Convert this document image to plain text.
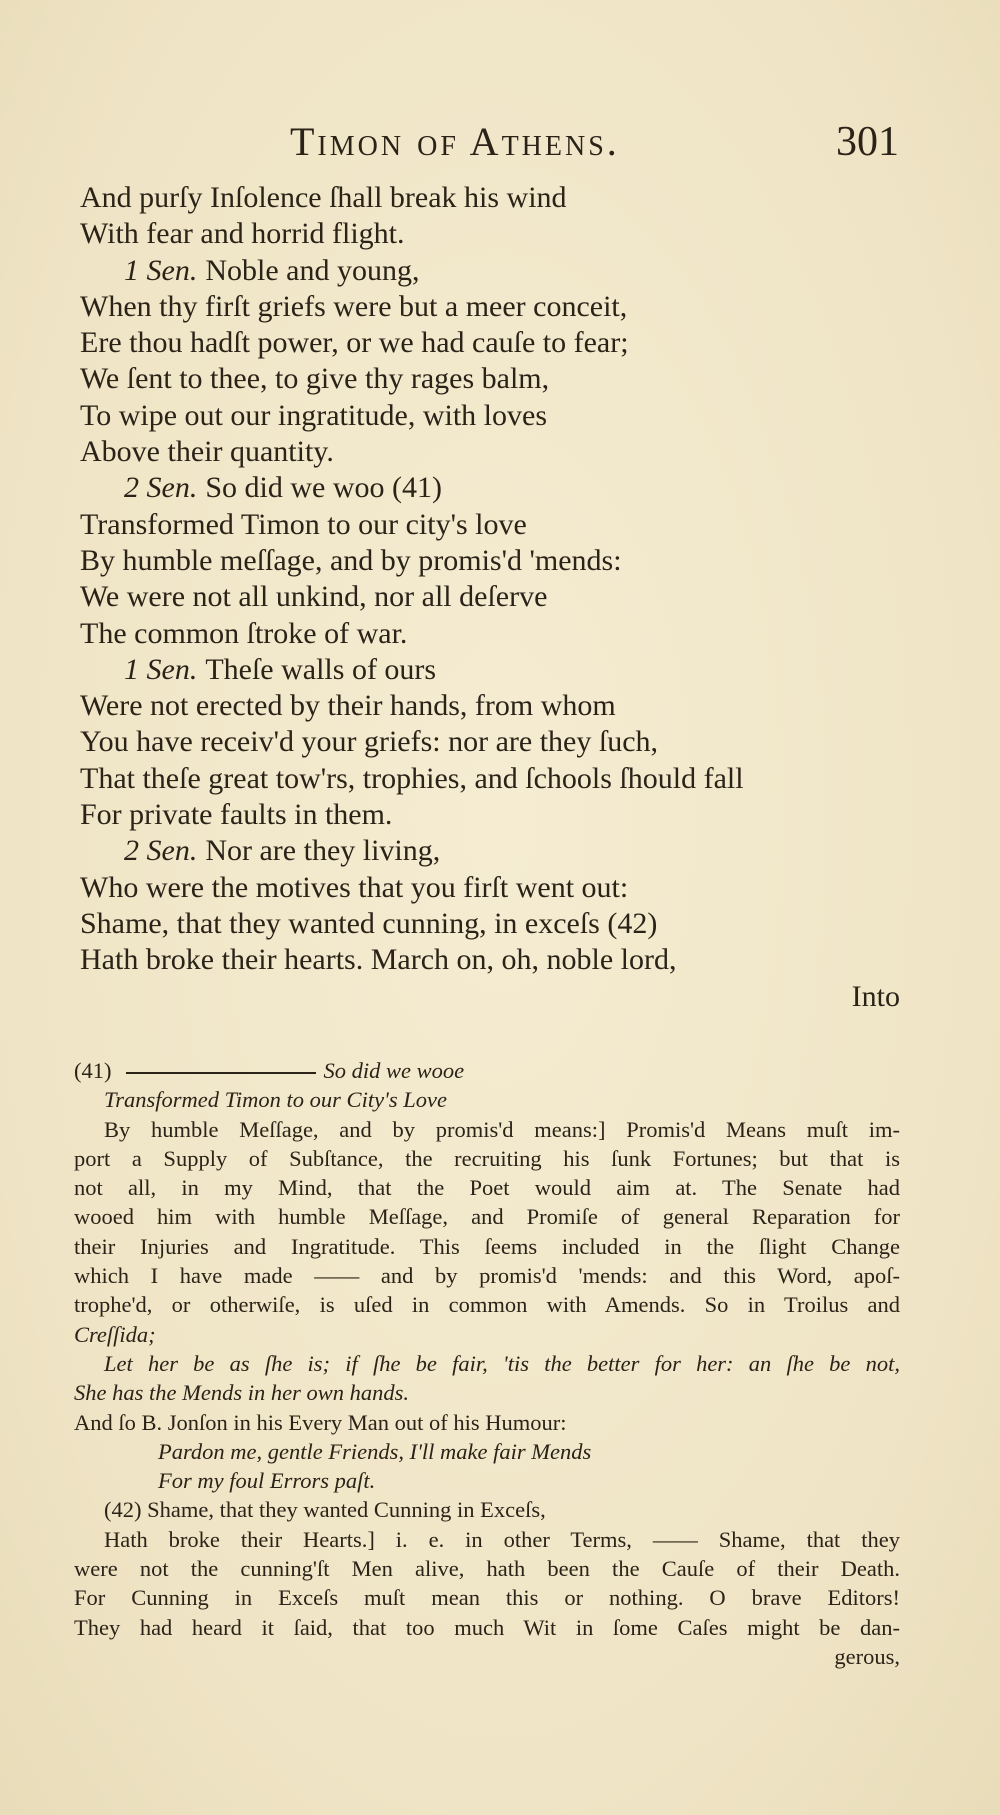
Timon of Athens.	301
And purſy Inſolence ſhall break his wind
With fear and horrid flight.
1 Sen. Noble and young,
When thy firſt griefs were but a meer conceit,
Ere thou hadſt power, or we had cauſe to fear;
We ſent to thee, to give thy rages balm,
To wipe out our ingratitude, with loves
Above their quantity.
2 Sen. So did we woo (41)
Transformed Timon to our city's love
By humble meſſage, and by promis'd 'mends:
We were not all unkind, nor all deſerve
The common ſtroke of war.
1 Sen. Theſe walls of ours
Were not erected by their hands, from whom
You have receiv'd your griefs: nor are they ſuch,
That theſe great tow'rs, trophies, and ſchools ſhould fall
For private faults in them.
2 Sen. Nor are they living,
Who were the motives that you firſt went out:
Shame, that they wanted cunning, in exceſs (42)
Hath broke their hearts. March on, oh, noble lord,
Into
(41)	So did we wooe
Transformed Timon to our City's Love
By humble Meſſage, and by promis'd means:] Promis'd Means muſt im-
port a Supply of Subſtance, the recruiting his ſunk Fortunes; but that is
not all, in my Mind, that the Poet would aim at. The Senate had
wooed him with humble Meſſage, and Promiſe of general Reparation for
their Injuries and Ingratitude. This ſeems included in the ſlight Change
which I have made —— and by promis'd 'mends: and this Word, apoſ-
trophe'd, or otherwiſe, is uſed in common with Amends. So in Troilus and
Creſſida;
Let her be as ſhe is; if ſhe be fair, 'tis the better for her: an ſhe be not,
She has the Mends in her own hands.
And ſo B. Jonſon in his Every Man out of his Humour:
Pardon me, gentle Friends, I'll make fair Mends
For my foul Errors paſt.
(42) Shame, that they wanted Cunning in Exceſs,
Hath broke their Hearts.] i. e. in other Terms, —— Shame, that they
were not the cunning'ſt Men alive, hath been the Cauſe of their Death.
For Cunning in Exceſs muſt mean this or nothing. O brave Editors!
They had heard it ſaid, that too much Wit in ſome Caſes might be dan-
gerous,
